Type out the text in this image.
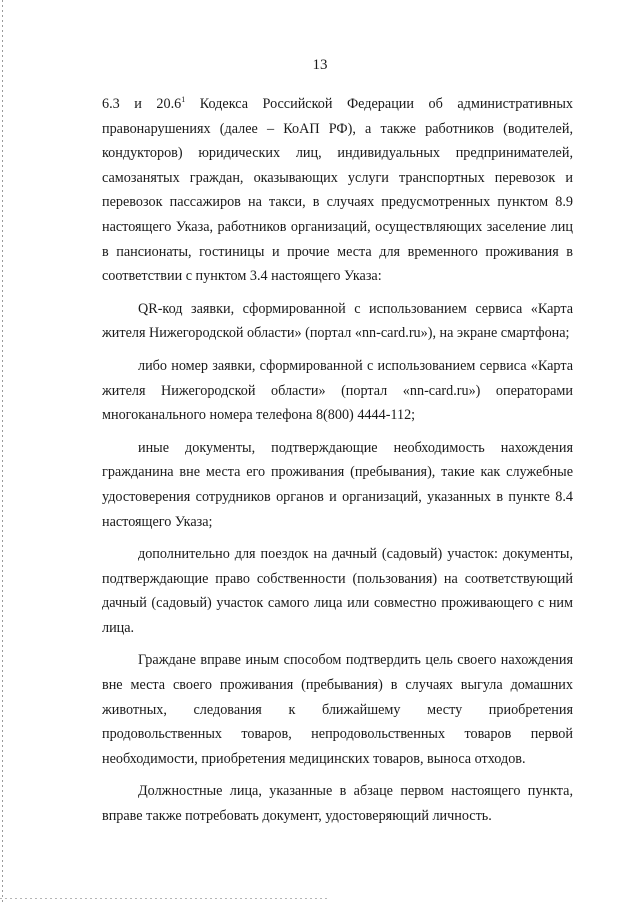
13

6.3 и 20.6$^1$ Кодекса Российской Федерации об административных правонарушениях (далее – КоАП РФ), а также работников (водителей, кондукторов) юридических лиц, индивидуальных предпринимателей, самозанятых граждан, оказывающих услуги транспортных перевозок и перевозок пассажиров на такси, в случаях предусмотренных пунктом 8.9 настоящего Указа, работников организаций, осуществляющих заселение лиц в пансионаты, гостиницы и прочие места для временного проживания в соответствии с пунктом 3.4 настоящего Указа:

QR-код заявки, сформированной с использованием сервиса «Карта жителя Нижегородской области» (портал «nn-card.ru»), на экране смартфона;

либо номер заявки, сформированной с использованием сервиса «Карта жителя Нижегородской области» (портал «nn-card.ru») операторами многоканального номера телефона 8(800) 4444-112;

иные документы, подтверждающие необходимость нахождения гражданина вне места его проживания (пребывания), такие как служебные удостоверения сотрудников органов и организаций, указанных в пункте 8.4 настоящего Указа;

дополнительно для поездок на дачный (садовый) участок: документы, подтверждающие право собственности (пользования) на соответствующий дачный (садовый) участок самого лица или совместно проживающего с ним лица.

Граждане вправе иным способом подтвердить цель своего нахождения вне места своего проживания (пребывания) в случаях выгула домашних животных, следования к ближайшему месту приобретения продовольственных товаров, непродовольственных товаров первой необходимости, приобретения медицинских товаров, выноса отходов.

Должностные лица, указанные в абзаце первом настоящего пункта, вправе также потребовать документ, удостоверяющий личность.
